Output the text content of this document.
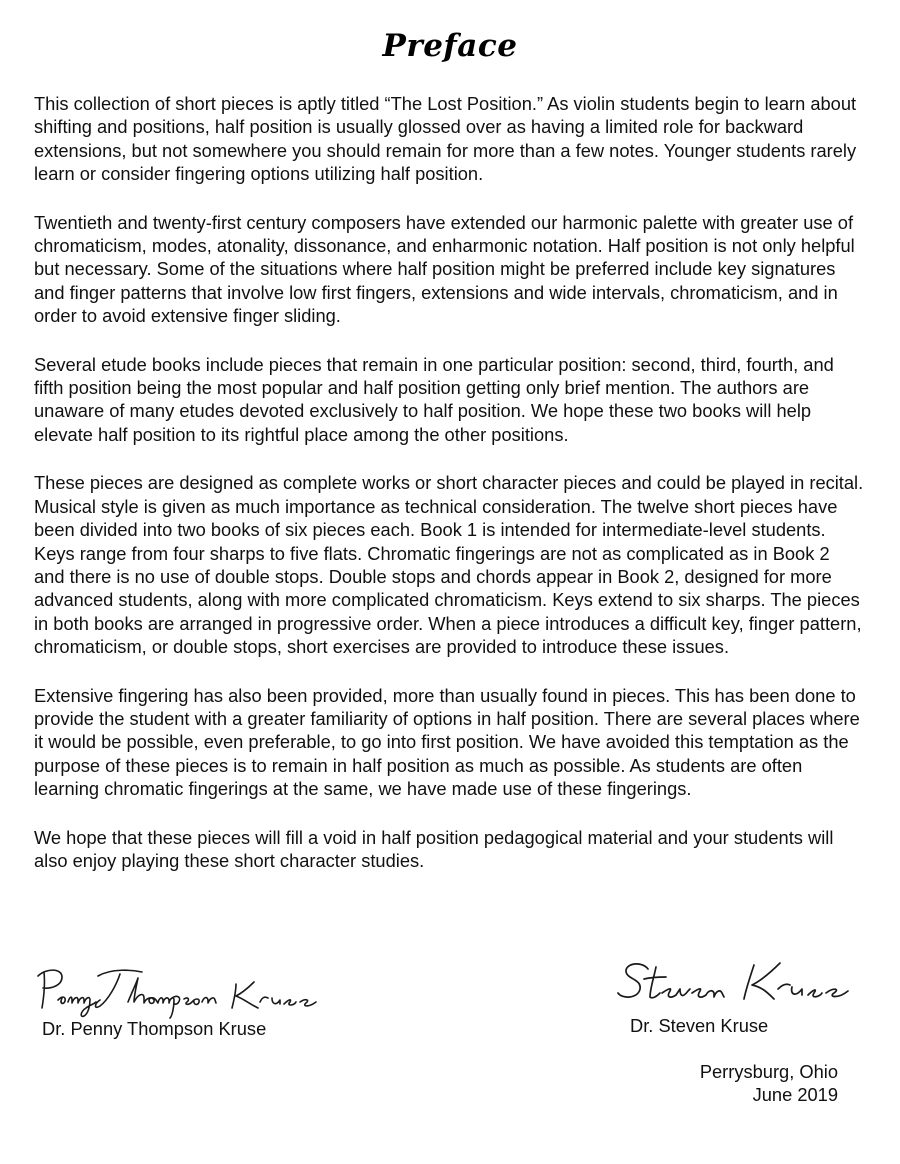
Preface

This collection of short pieces is aptly titled “The Lost Position.” As violin students begin to learn about shifting and positions, half position is usually glossed over as having a limited role for backward extensions, but not somewhere you should remain for more than a few notes. Younger students rarely learn or consider fingering options utilizing half position.

Twentieth and twenty-first century composers have extended our harmonic palette with greater use of chromaticism, modes, atonality, dissonance, and enharmonic notation. Half position is not only helpful but necessary. Some of the situations where half position might be preferred include key signatures and finger patterns that involve low first fingers, extensions and wide intervals, chromaticism, and in order to avoid extensive finger sliding.

Several etude books include pieces that remain in one particular position: second, third, fourth, and fifth position being the most popular and half position getting only brief mention. The authors are unaware of many etudes devoted exclusively to half position. We hope these two books will help elevate half position to its rightful place among the other positions.

These pieces are designed as complete works or short character pieces and could be played in recital. Musical style is given as much importance as technical consideration. The twelve short pieces have been divided into two books of six pieces each. Book 1 is intended for intermediate-level students. Keys range from four sharps to five flats. Chromatic fingerings are not as complicated as in Book 2 and there is no use of double stops. Double stops and chords appear in Book 2, designed for more advanced students, along with more complicated chromaticism. Keys extend to six sharps. The pieces in both books are arranged in progressive order. When a piece introduces a difficult key, finger pattern, chromaticism, or double stops, short exercises are provided to introduce these issues.

Extensive fingering has also been provided, more than usually found in pieces. This has been done to provide the student with a greater familiarity of options in half position. There are several places where it would be possible, even preferable, to go into first position. We have avoided this temptation as the purpose of these pieces is to remain in half position as much as possible. As students are often learning chromatic fingerings at the same, we have made use of these fingerings.

We hope that these pieces will fill a void in half position pedagogical material and your students will also enjoy playing these short character studies.

Dr. Penny Thompson Kruse	Dr. Steven Kruse
Perrysburg, Ohio
June 2019
